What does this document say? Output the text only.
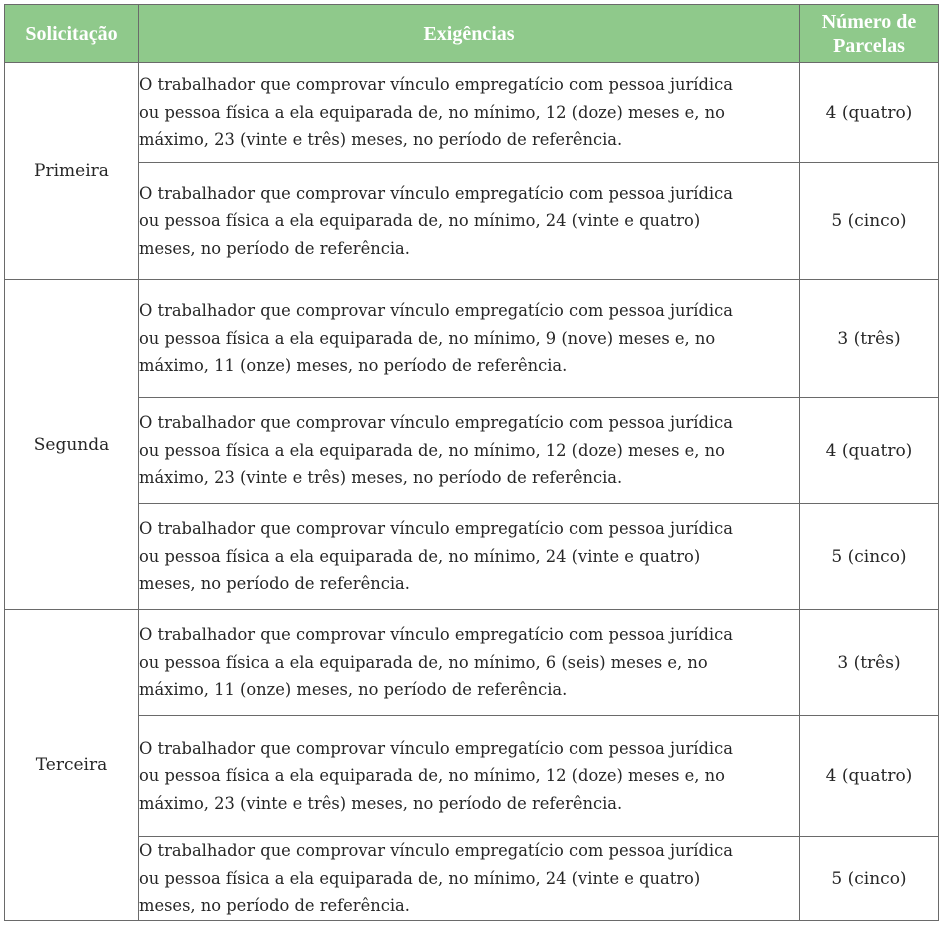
Solicitação	Exigências	Número de Parcelas
Primeira	O trabalhador que comprovar vínculo empregatício com pessoa jurídica
ou pessoa física a ela equiparada de, no mínimo, 12 (doze) meses e, no
máximo, 23 (vinte e três) meses, no período de referência.	4 (quatro)

	O trabalhador que comprovar vínculo empregatício com pessoa jurídica
ou pessoa física a ela equiparada de, no mínimo, 24 (vinte e quatro)
meses, no período de referência.	5 (cinco)
Segunda	O trabalhador que comprovar vínculo empregatício com pessoa jurídica
ou pessoa física a ela equiparada de, no mínimo, 9 (nove) meses e, no
máximo, 11 (onze) meses, no período de referência.	3 (três)

	O trabalhador que comprovar vínculo empregatício com pessoa jurídica
ou pessoa física a ela equiparada de, no mínimo, 12 (doze) meses e, no
máximo, 23 (vinte e três) meses, no período de referência.	4 (quatro)

	O trabalhador que comprovar vínculo empregatício com pessoa jurídica
ou pessoa física a ela equiparada de, no mínimo, 24 (vinte e quatro)
meses, no período de referência.	5 (cinco)
Terceira	O trabalhador que comprovar vínculo empregatício com pessoa jurídica
ou pessoa física a ela equiparada de, no mínimo, 6 (seis) meses e, no
máximo, 11 (onze) meses, no período de referência.	3 (três)

	O trabalhador que comprovar vínculo empregatício com pessoa jurídica
ou pessoa física a ela equiparada de, no mínimo, 12 (doze) meses e, no
máximo, 23 (vinte e três) meses, no período de referência.	4 (quatro)

	O trabalhador que comprovar vínculo empregatício com pessoa jurídica
ou pessoa física a ela equiparada de, no mínimo, 24 (vinte e quatro)
meses, no período de referência.	5 (cinco)
